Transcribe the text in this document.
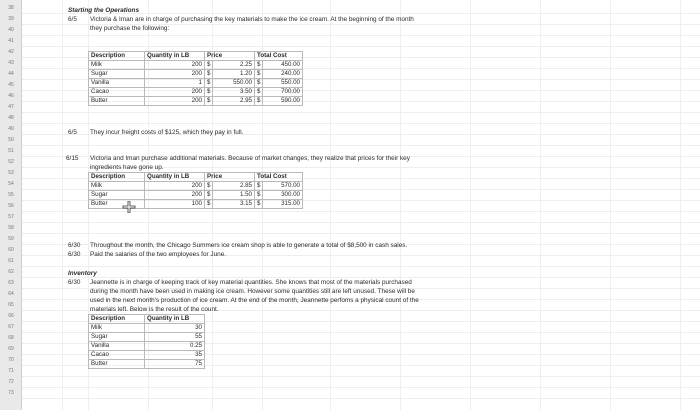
38
39
40
41
42
43
44
45
46
47
48
49
50
51
52
53
54
55
56
57
58
59
60
61
62
63
64
65
66
67
68
69
70
71
72
73
Starting the Operations
6/5 Victoria & Iman are in charge of purchasing the key materials to make the ice cream. At the beginning of the month
they purchase the following:
Description	Quantity in LB	Price		Total Cost	
Milk	200	$	2.25	$	450.00
Sugar	200	$	1.20	$	240.00
Vanilla	1	$	550.00	$	550.00
Cacao	200	$	3.50	$	700.00
Butter	200	$	2.95	$	590.00
6/5 They incur freight costs of $125, which they pay in full.
6/15 Victoria and Iman purchase additional materials. Because of market changes, they realize that prices for their key
ingredients have gone up.
Description	Quantity in LB	Price		Total Cost	
Milk	200	$	2.85	$	570.00
Sugar	200	$	1.50	$	300.00
Butter	100	$	3.15	$	315.00
6/30 Throughout the month, the Chicago Summers ice cream shop is able to generate a total of $8,500 in cash sales.
6/30 Paid the salaries of the two employees for June.
Inventory
6/30 Jeannette is in charge of keeping track of key material quantities. She knows that most of the materials purchased
during the month have been used in making ice cream. However some quantities still are left unused. These will be
used in the next month's production of ice cream. At the end of the month, Jeannette perfoms a physical count of the
materials left. Below is the result of the count.
Description	Quantity in LB
Milk	30
Sugar	55
Vanilla	0.25
Cacao	35
Butter	75
